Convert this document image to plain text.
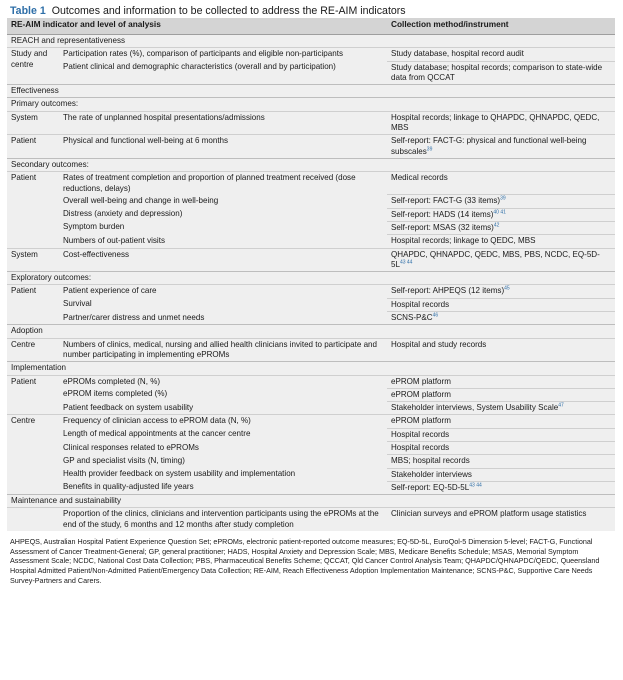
Table 1 Outcomes and information to be collected to address the RE-AIM indicators
RE-AIM indicator and level of analysis		Collection method/instrument
REACH and representativeness		
Study and centre	Participation rates (%), comparison of participants and eligible non-participants	Study database, hospital record audit
	Patient clinical and demographic characteristics (overall and by participation)	Study database; hospital records; comparison to state-wide data from QCCAT
Effectiveness		
Primary outcomes:		
System	The rate of unplanned hospital presentations/admissions	Hospital records; linkage to QHAPDC, QHNAPDC, QEDC, MBS
Patient	Physical and functional well-being at 6 months	Self-report: FACT-G: physical and functional well-being subscales$^{39}$
Secondary outcomes:		
Patient	Rates of treatment completion and proportion of planned treatment received (dose reductions, delays)	Medical records
	Overall well-being and change in well-being	Self-report: FACT-G (33 items)$^{39}$
	Distress (anxiety and depression)	Self-report: HADS (14 items)$^{40 41}$
	Symptom burden	Self-report: MSAS (32 items)$^{42}$
	Numbers of out-patient visits	Hospital records; linkage to QEDC, MBS
System	Cost-effectiveness	QHAPDC, QHNAPDC, QEDC, MBS, PBS, NCDC, $EQ-5D-5L^{43 44}$
Exploratory outcomes:		
Patient	Patient experience of care	Self-report: AHPEQS (12 items)$^{45}$
	Survival	Hospital records
	Partner/carer distress and unmet needs	SCNS-$P\&C^{46}$
Adoption		
Centre	Numbers of clinics, medical, nursing and allied health clinicians invited to participate and number participating in implementing ePROMs	Hospital and study records
Implementation		
Patient	ePROMs completed (N, %)	ePROM platform
	ePROM items completed (%)	ePROM platform
	Patient feedback on system usability	Stakeholder interviews, System Usability Scale$^{47}$
Centre	Frequency of clinician access to ePROM data (N, %)	ePROM platform
	Length of medical appointments at the cancer centre	Hospital records
	Clinical responses related to ePROMs	Hospital records
	GP and specialist visits (N, timing)	MBS; hospital records
	Health provider feedback on system usability and implementation	Stakeholder interviews
	Benefits in quality-adjusted life years	Self-report: $EQ-5D-5L^{43 44}$
Maintenance and sustainability		
	Proportion of the clinics, clinicians and intervention participants using the ePROMs at the end of the study, 6 months and 12 months after study completion	Clinician surveys and ePROM platform usage statistics
AHPEQS, Australian Hospital Patient Experience Question Set; ePROMs, electronic patient-reported outcome measures; EQ-5D-5L, EuroQol-5 Dimension 5-level; FACT-G, Functional Assessment of Cancer Treatment-General; GP, general practitioner; HADS, Hospital Anxiety and Depression Scale; MBS, Medicare Benefits Schedule; MSAS, Memorial Symptom Assessment Scale; NCDC, National Cost Data Collection; PBS, Pharmaceutical Benefits Scheme; QCCAT, Qld Cancer Control Analysis Team; QHAPDC/QHNAPDC/QEDC, Queensland Hospital Admitted Patient/Non-Admitted Patient/Emergency Data Collection; RE-AIM, Reach Effectiveness Adoption Implementation Maintenance; SCNS-P&C, Supportive Care Needs Survey-Partners and Carers.
